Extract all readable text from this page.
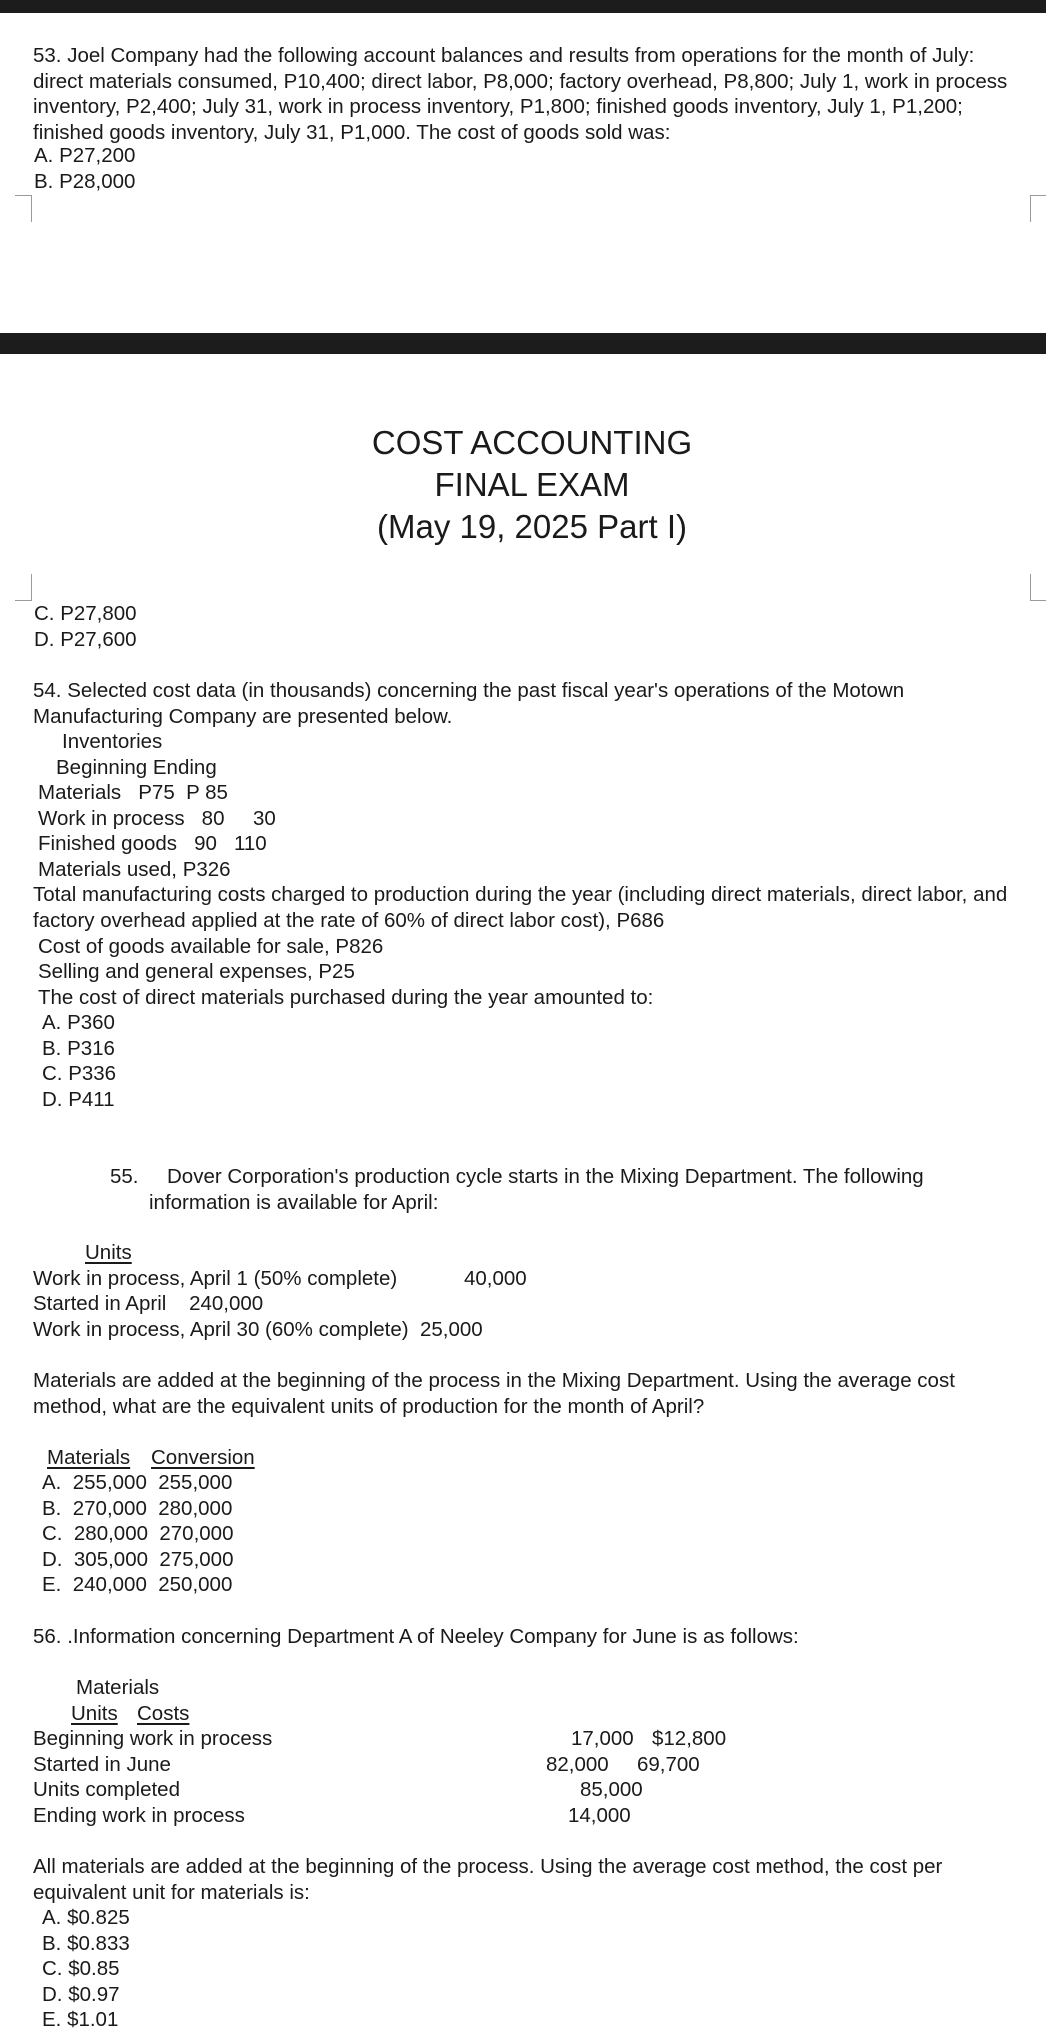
53. Joel Company had the following account balances and results from operations for the month of July: direct materials consumed, P10,400; direct labor, P8,000; factory overhead, P8,800; July 1, work in process inventory, P2,400; July 31, work in process inventory, P1,800; finished goods inventory, July 1, P1,200; finished goods inventory, July 31, P1,000. The cost of goods sold was:
A. P27,200
B. P28,000
COST ACCOUNTING
FINAL EXAM
(May 19, 2025 Part I)
C. P27,800
D. P27,600
54. Selected cost data (in thousands) concerning the past fiscal year's operations of the Motown Manufacturing Company are presented below.
Inventories
Beginning Ending
Materials   P75  P 85
Work in process   80     30
Finished goods   90   110
Materials used, P326
Total manufacturing costs charged to production during the year (including direct materials, direct labor, and factory overhead applied at the rate of 60% of direct labor cost), P686
Cost of goods available for sale, P826
Selling and general expenses, P25
The cost of direct materials purchased during the year amounted to:
A. P360
B. P316
C. P336
D. P411
55.	Dover Corporation's production cycle starts in the Mixing Department. The following information is available for April:
Units
Work in process, April 1 (50% complete)	40,000
Started in April    240,000
Work in process, April 30 (60% complete)  25,000
Materials are added at the beginning of the process in the Mixing Department. Using the average cost method, what are the equivalent units of production for the month of April?
Materials Conversion
A.  255,000  255,000
B.  270,000  280,000
C.  280,000  270,000
D.  305,000  275,000
E.  240,000  250,000
56. .Information concerning Department A of Neeley Company for June is as follows:
Materials
Units Costs
Beginning work in process	17,000 $12,800
Started in June	82,000 69,700
Units completed	85,000
Ending work in process	14,000
All materials are added at the beginning of the process. Using the average cost method, the cost per equivalent unit for materials is:
A. $0.825
B. $0.833
C. $0.85
D. $0.97
E. $1.01
